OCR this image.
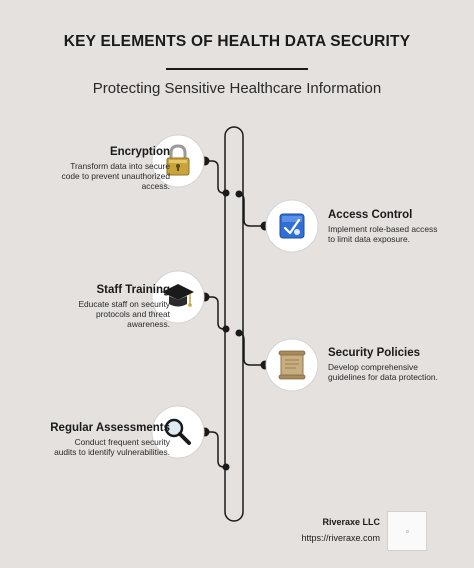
KEY ELEMENTS OF HEALTH DATA SECURITY
Protecting Sensitive Healthcare Information
Encryption
Transform data into secure code to prevent unauthorized access.
Access Control
Implement role-based access to limit data exposure.
Staff Training
Educate staff on security protocols and threat awareness.
Security Policies
Develop comprehensive guidelines for data protection.
Regular Assessments
Conduct frequent security audits to identify vulnerabilities.
Riveraxe LLC
https://riveraxe.com
